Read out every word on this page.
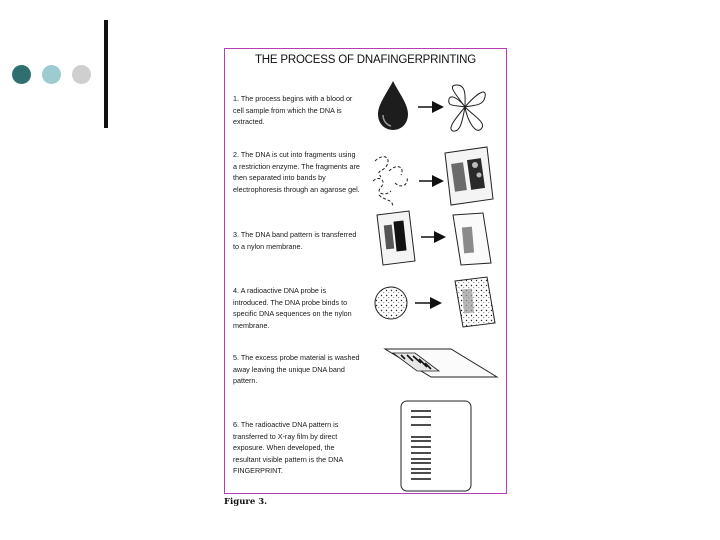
THE PROCESS OF DNAFINGERPRINTING
1. The process begins with a blood or cell sample from which the DNA is extracted.
2. The DNA is cut into fragments using a restriction enzyme. The fragments are then separated into bands by electrophoresis through an agarose gel.
3. The DNA band pattern is transferred to a nylon membrane.
4. A radioactive DNA probe is introduced. The DNA probe binds to specific DNA sequences on the nylon membrane.
5. The excess probe material is washed away leaving the unique DNA band pattern.
6. The radioactive DNA pattern is transferred to X-ray film by direct exposure. When developed, the resultant visible pattern is the DNA FINGERPRINT.
Figure 3.
